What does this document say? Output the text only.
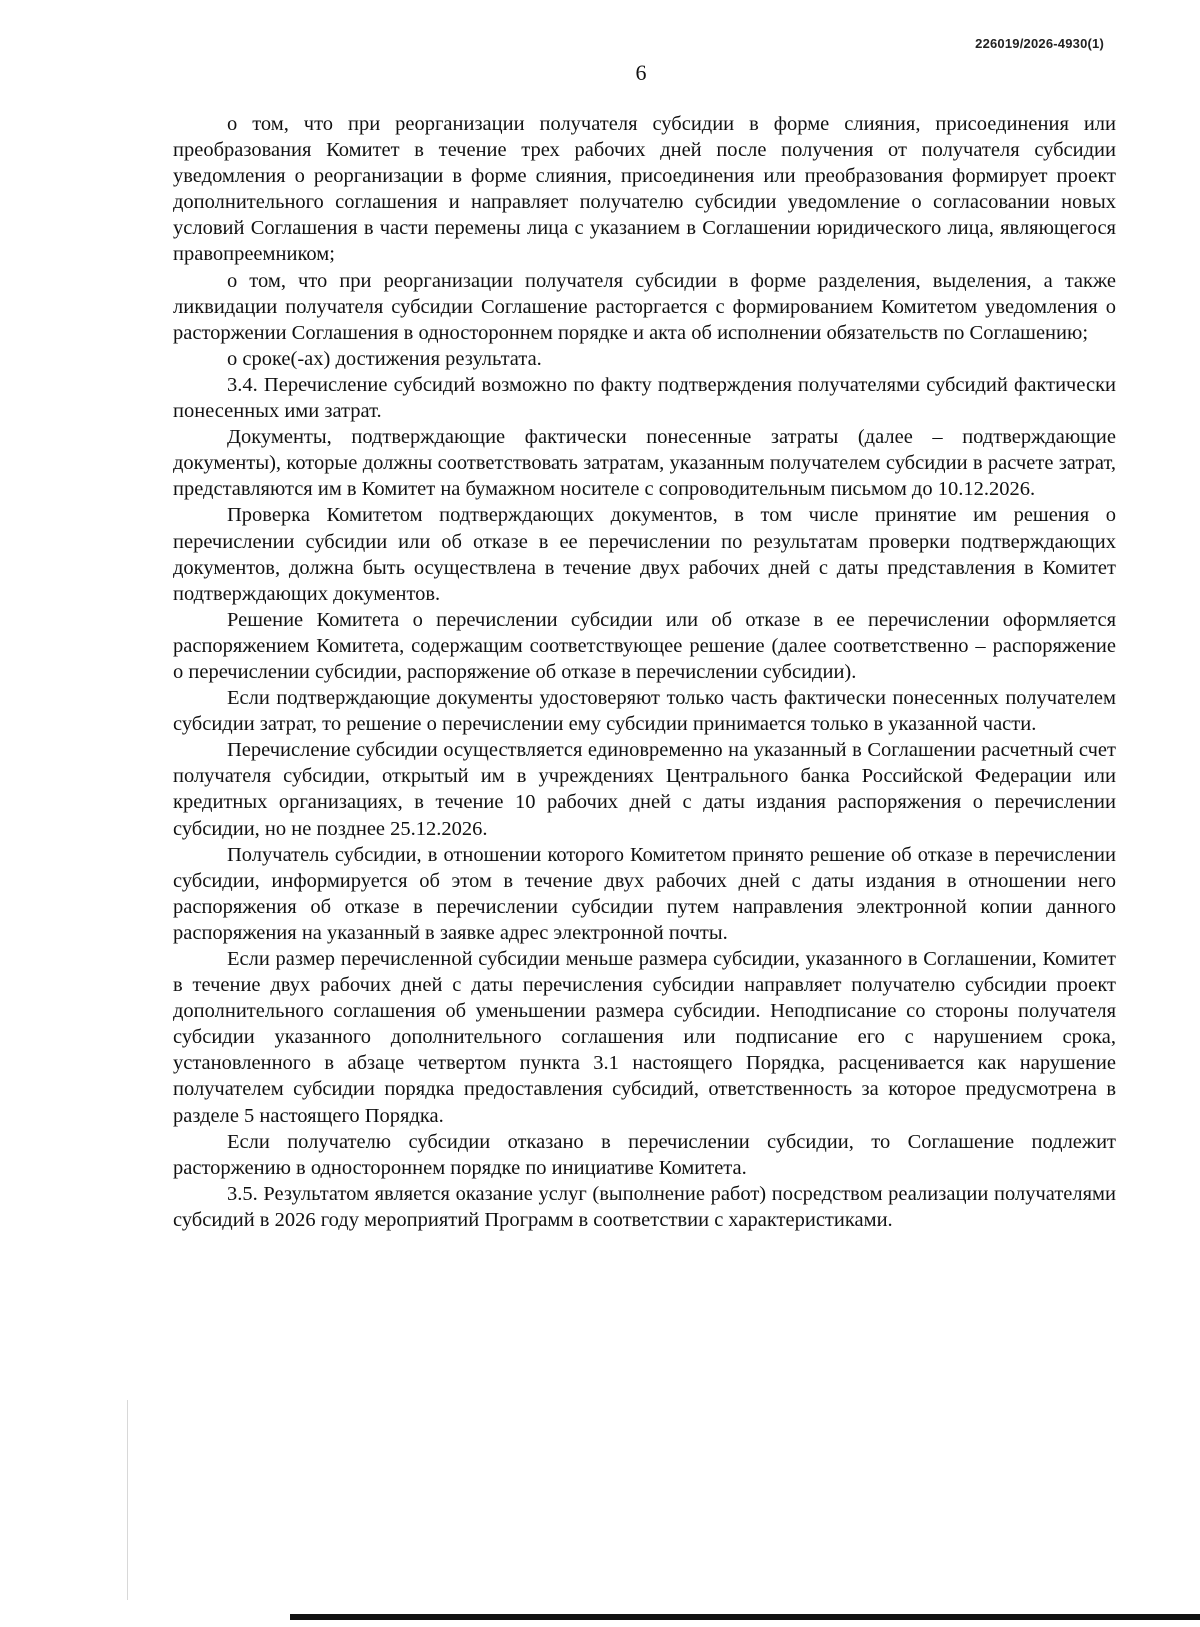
226019/2026-4930(1)
6

о том, что при реорганизации получателя субсидии в форме слияния, присоединения или преобразования Комитет в течение трех рабочих дней после получения от получателя субсидии уведомления о реорганизации в форме слияния, присоединения или преобразования формирует проект дополнительного соглашения и направляет получателю субсидии уведомление о согласовании новых условий Соглашения в части перемены лица с указанием в Соглашении юридического лица, являющегося правопреемником;

о том, что при реорганизации получателя субсидии в форме разделения, выделения, а также ликвидации получателя субсидии Соглашение расторгается с формированием Комитетом уведомления о расторжении Соглашения в одностороннем порядке и акта об исполнении обязательств по Соглашению;

о сроке(-ах) достижения результата.

3.4. Перечисление субсидий возможно по факту подтверждения получателями субсидий фактически понесенных ими затрат.

Документы, подтверждающие фактически понесенные затраты (далее – подтверждающие документы), которые должны соответствовать затратам, указанным получателем субсидии в расчете затрат, представляются им в Комитет на бумажном носителе с сопроводительным письмом до 10.12.2026.

Проверка Комитетом подтверждающих документов, в том числе принятие им решения о перечислении субсидии или об отказе в ее перечислении по результатам проверки подтверждающих документов, должна быть осуществлена в течение двух рабочих дней с даты представления в Комитет подтверждающих документов.

Решение Комитета о перечислении субсидии или об отказе в ее перечислении оформляется распоряжением Комитета, содержащим соответствующее решение (далее соответственно – распоряжение о перечислении субсидии, распоряжение об отказе в перечислении субсидии).

Если подтверждающие документы удостоверяют только часть фактически понесенных получателем субсидии затрат, то решение о перечислении ему субсидии принимается только в указанной части.

Перечисление субсидии осуществляется единовременно на указанный в Соглашении расчетный счет получателя субсидии, открытый им в учреждениях Центрального банка Российской Федерации или кредитных организациях, в течение 10 рабочих дней с даты издания распоряжения о перечислении субсидии, но не позднее 25.12.2026.

Получатель субсидии, в отношении которого Комитетом принято решение об отказе в перечислении субсидии, информируется об этом в течение двух рабочих дней с даты издания в отношении него распоряжения об отказе в перечислении субсидии путем направления электронной копии данного распоряжения на указанный в заявке адрес электронной почты.

Если размер перечисленной субсидии меньше размера субсидии, указанного в Соглашении, Комитет в течение двух рабочих дней с даты перечисления субсидии направляет получателю субсидии проект дополнительного соглашения об уменьшении размера субсидии. Неподписание со стороны получателя субсидии указанного дополнительного соглашения или подписание его с нарушением срока, установленного в абзаце четвертом пункта 3.1 настоящего Порядка, расценивается как нарушение получателем субсидии порядка предоставления субсидий, ответственность за которое предусмотрена в разделе 5 настоящего Порядка.

Если получателю субсидии отказано в перечислении субсидии, то Соглашение подлежит расторжению в одностороннем порядке по инициативе Комитета.

3.5. Результатом является оказание услуг (выполнение работ) посредством реализации получателями субсидий в 2026 году мероприятий Программ в соответствии с характеристиками.
